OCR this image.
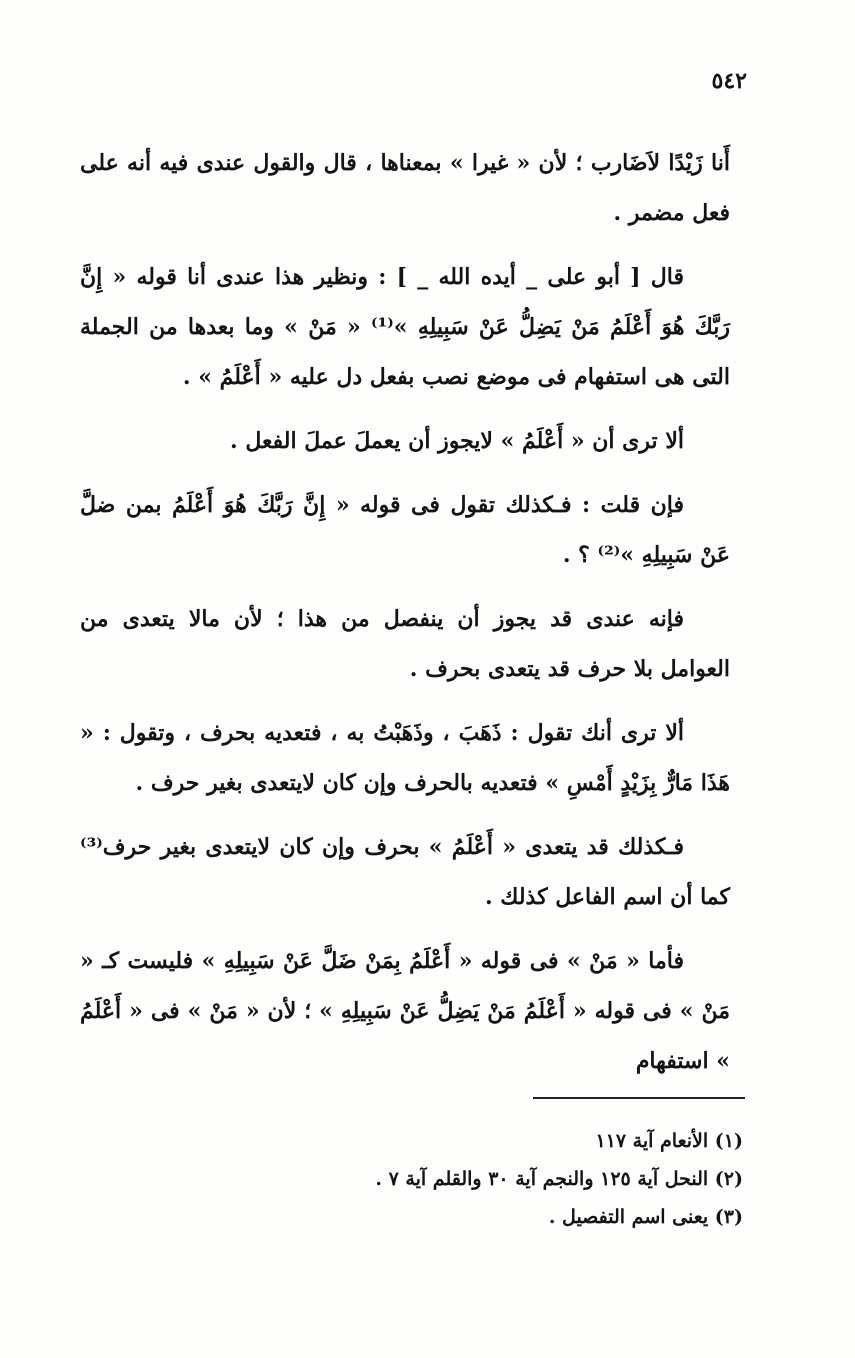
٥٤٢

أَنا زَيْدًا لاَضَارب ؛ لأن « غيرا » بمعناها ، قال والقول عندى فيه أنه على فعل مضمر .

قال [ أبو على _ أيده الله _ ] : ونظير هذا عندى أنا قوله « إِنَّ رَبَّكَ هُوَ أَعْلَمُ مَنْ يَضِلُّ عَنْ سَبِيلِهِ »⁽¹⁾ « مَنْ » وما بعدها من الجملة التى هى استفهام فى موضع نصب بفعل دل عليه « أَعْلَمُ » .

ألا ترى أن « أَعْلَمُ » لايجوز أن يعملَ عملَ الفعل .

فإن قلت : فـكذلك تقول فى قوله « إِنَّ رَبَّكَ هُوَ أَعْلَمُ بمن ضلَّ عَنْ سَبِيلِهِ »⁽²⁾ ؟ .

فإنه عندى قد يجوز أن ينفصل من هذا ؛ لأن مالا يتعدى من العوامل بلا حرف قد يتعدى بحرف .

ألا ترى أنك تقول : ذَهَبَ ، وذَهَبْتُ به ، فتعديه بحرف ، وتقول : « هَذَا مَارٌّ بِزَيْدٍ أَمْسِ » فتعديه بالحرف وإن كان لايتعدى بغير حرف .

فـكذلك قد يتعدى « أَعْلَمُ » بحرف وإن كان لايتعدى بغير حرف⁽³⁾ كما أن اسم الفاعل كذلك .

فأما « مَنْ » فى قوله « أَعْلَمُ بِمَنْ ضَلَّ عَنْ سَبِيلِهِ » فليست كـ « مَنْ » فى قوله « أَعْلَمُ مَنْ يَضِلُّ عَنْ سَبِيلِهِ » ؛ لأن « مَنْ » فى « أَعْلَمُ » استفهام

(١) الأنعام آية ١١٧

(٢) النحل آية ١٢٥ والنجم آية ٣٠ والقلم آية ٧ .

(٣) يعنى اسم التفصيل .
